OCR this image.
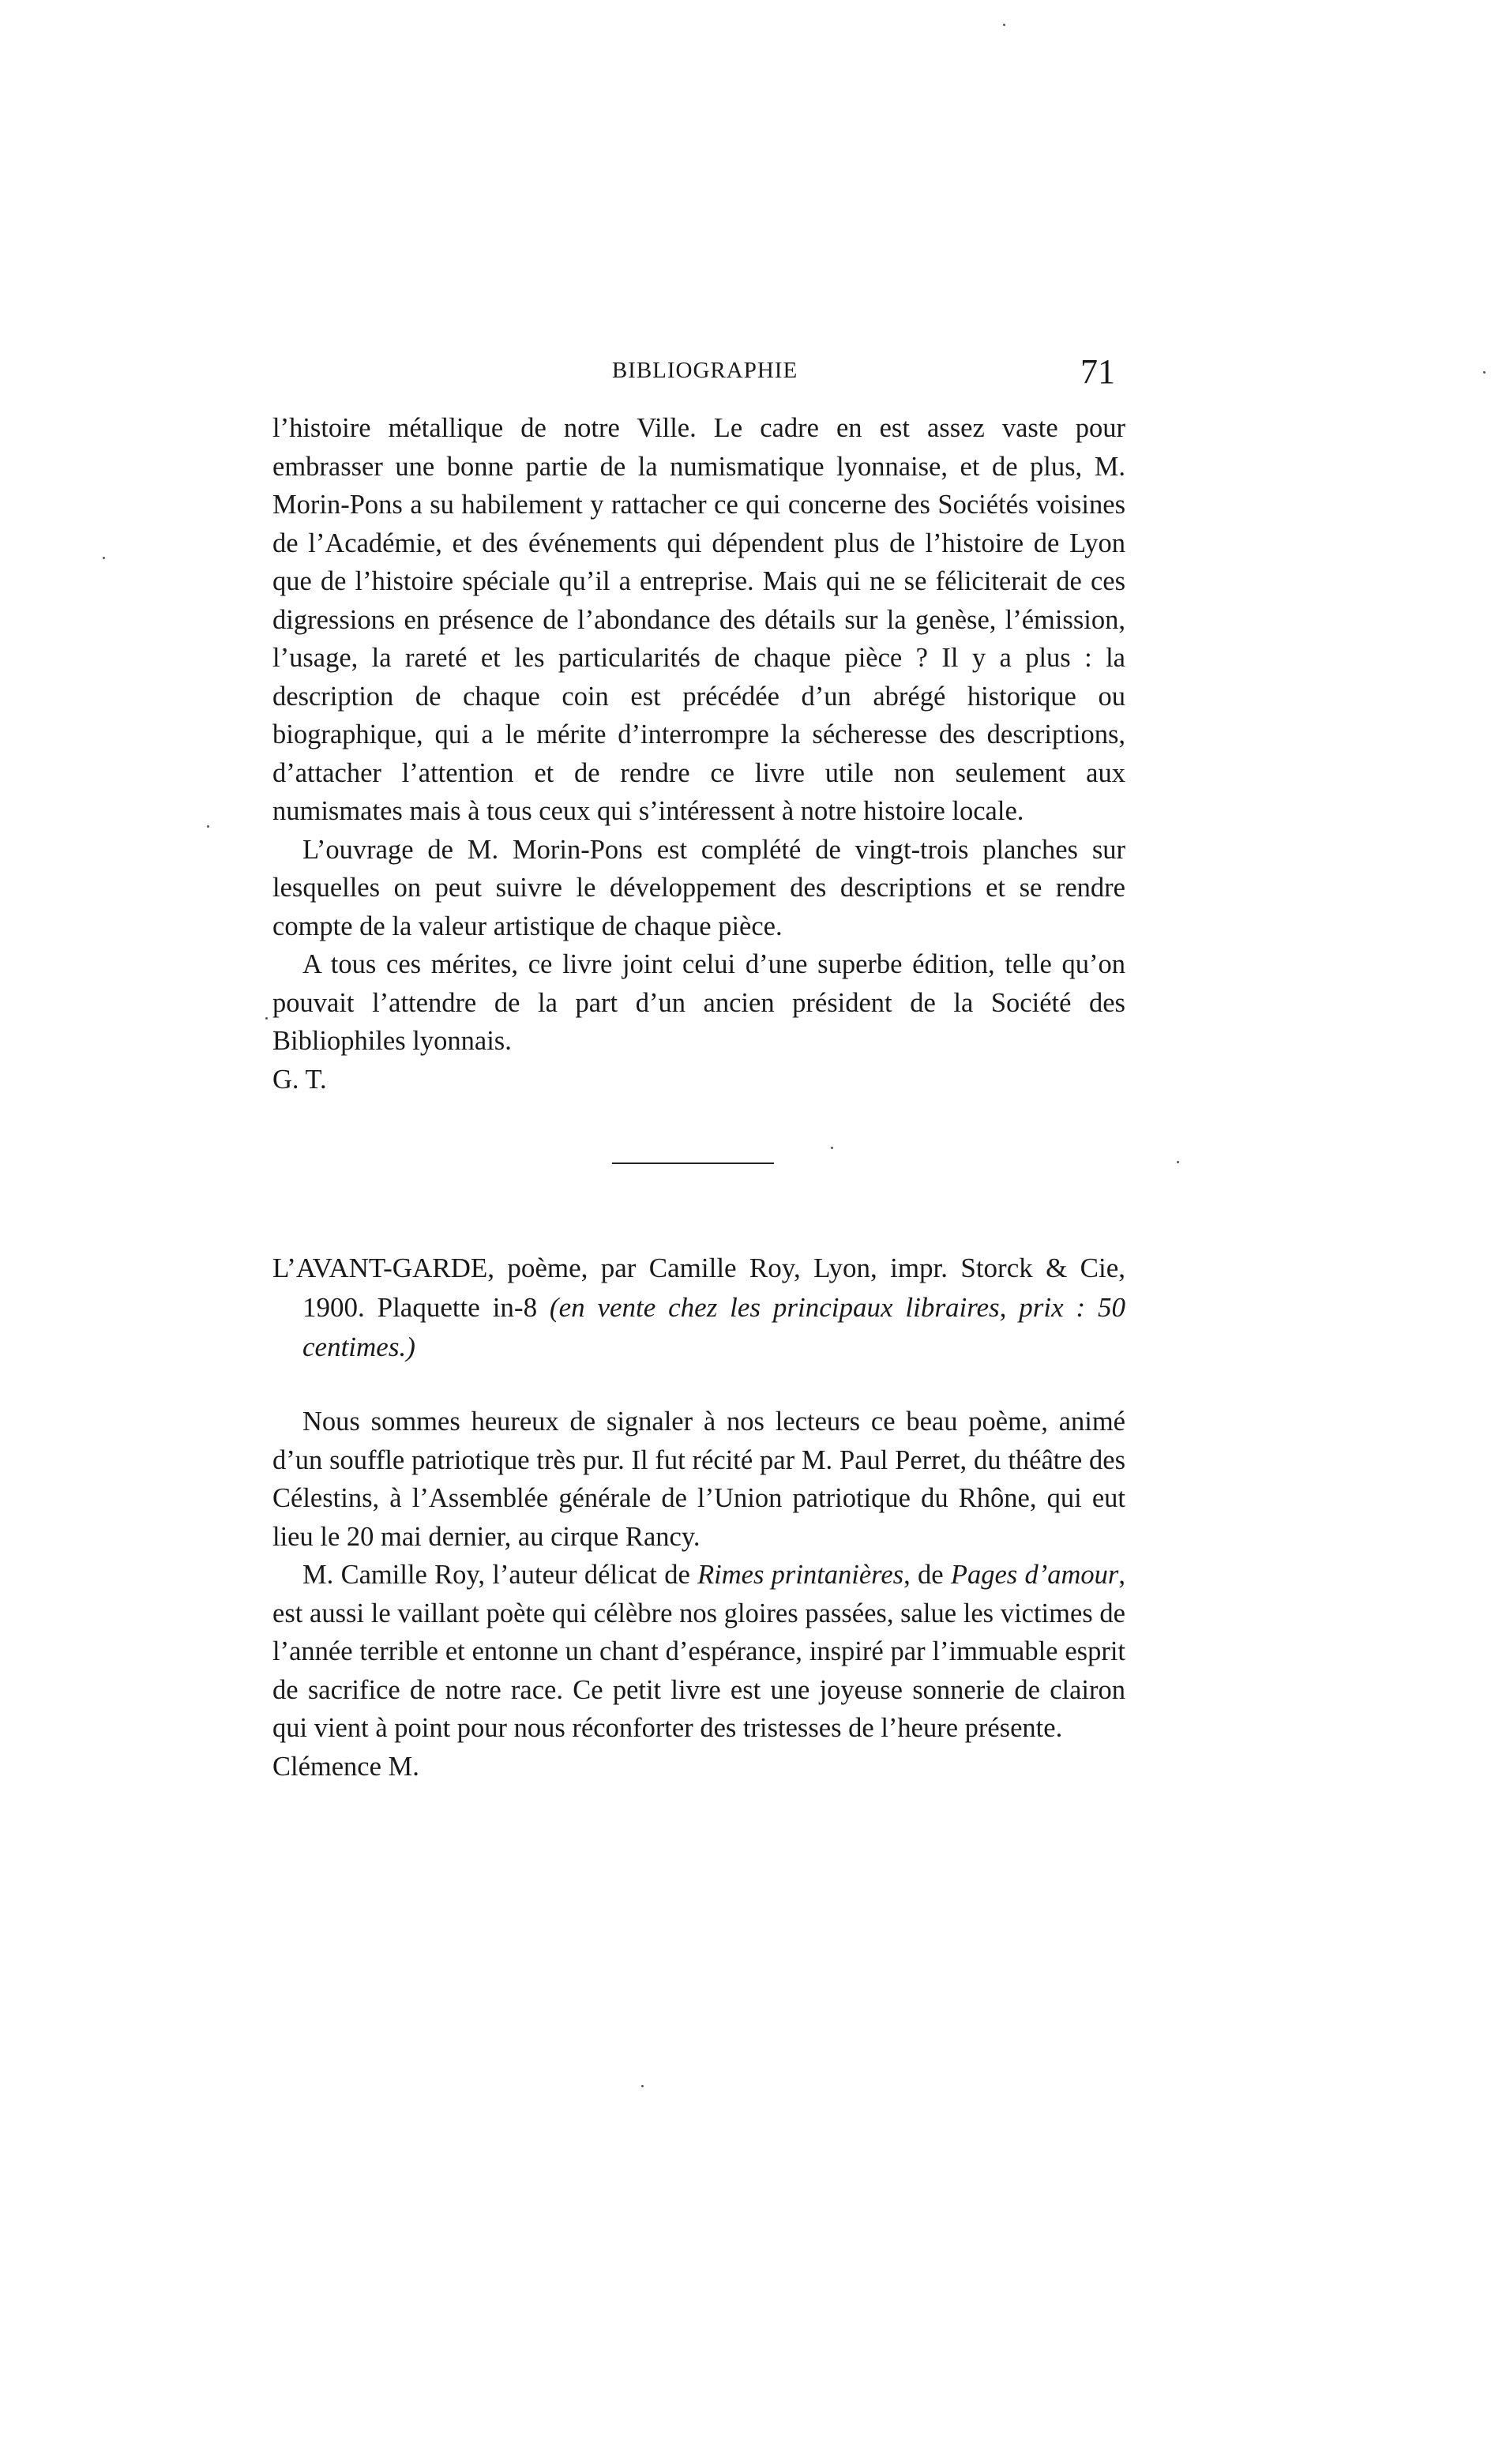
BIBLIOGRAPHIE	71

l’histoire métallique de notre Ville. Le cadre en est assez vaste pour embrasser une bonne partie de la numismatique lyonnaise, et de plus, M. Morin-Pons a su habilement y rattacher ce qui concerne des Sociétés voisines de l’Académie, et des événements qui dépendent plus de l’histoire de Lyon que de l’histoire spéciale qu’il a entreprise. Mais qui ne se féliciterait de ces digressions en présence de l’abondance des détails sur la genèse, l’émission, l’usage, la rareté et les particularités de chaque pièce ? Il y a plus : la description de chaque coin est précédée d’un abrégé historique ou biographique, qui a le mérite d’interrompre la sécheresse des descriptions, d’attacher l’attention et de rendre ce livre utile non seulement aux numismates mais à tous ceux qui s’intéressent à notre histoire locale.

L’ouvrage de M. Morin-Pons est complété de vingt-trois planches sur lesquelles on peut suivre le développement des descriptions et se rendre compte de la valeur artistique de chaque pièce.

A tous ces mérites, ce livre joint celui d’une superbe édition, telle qu’on pouvait l’attendre de la part d’un ancien président de la Société des Bibliophiles lyonnais.

G. T.

L’AVANT-GARDE, poème, par Camille Roy, Lyon, impr. Storck & Cie, 1900. Plaquette in-8 (en vente chez les principaux libraires, prix : 50 centimes.)

Nous sommes heureux de signaler à nos lecteurs ce beau poème, animé d’un souffle patriotique très pur. Il fut récité par M. Paul Perret, du théâtre des Célestins, à l’Assemblée générale de l’Union patriotique du Rhône, qui eut lieu le 20 mai dernier, au cirque Rancy.

M. Camille Roy, l’auteur délicat de Rimes printanières, de Pages d’amour, est aussi le vaillant poète qui célèbre nos gloires passées, salue les victimes de l’année terrible et entonne un chant d’espérance, inspiré par l’immuable esprit de sacrifice de notre race. Ce petit livre est une joyeuse sonnerie de clairon qui vient à point pour nous réconforter des tristesses de l’heure présente.

Clémence M.
